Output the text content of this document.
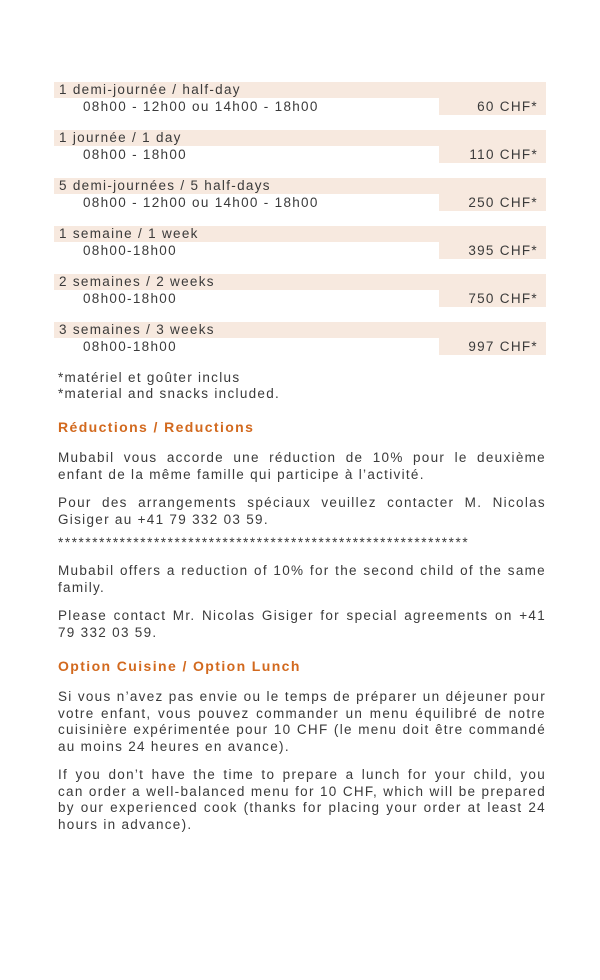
1 demi-journée / half-day
08h00 - 12h00 ou 14h00 - 18h00	60 CHF*
1 journée / 1 day
08h00 - 18h00	110 CHF*
5 demi-journées / 5 half-days
08h00 - 12h00 ou 14h00 - 18h00	250 CHF*
1 semaine / 1 week
08h00-18h00	395 CHF*
2 semaines / 2 weeks
08h00-18h00	750 CHF*
3 semaines / 3 weeks
08h00-18h00	997 CHF*
*matériel et goûter inclus
*material and snacks included.
Réductions / Reductions
Mubabil vous accorde une réduction de 10% pour le deuxième enfant de la même famille qui participe à l’activité.
Pour des arrangements spéciaux veuillez contacter M. Nicolas Gisiger au +41 79 332 03 59.
************************************************************
Mubabil offers a reduction of 10% for the second child of the same family.
Please contact Mr. Nicolas Gisiger for special agreements on +41 79 332 03 59.
Option Cuisine / Option Lunch
Si vous n’avez pas envie ou le temps de préparer un déjeuner pour votre enfant, vous pouvez commander un menu équilibré de notre cuisinière expérimentée pour 10 CHF (le menu doit être commandé au moins 24 heures en avance).
If you don’t have the time to prepare a lunch for your child, you can order a well-balanced menu for 10 CHF, which will be prepared by our experienced cook (thanks for placing your order at least 24 hours in advance).
